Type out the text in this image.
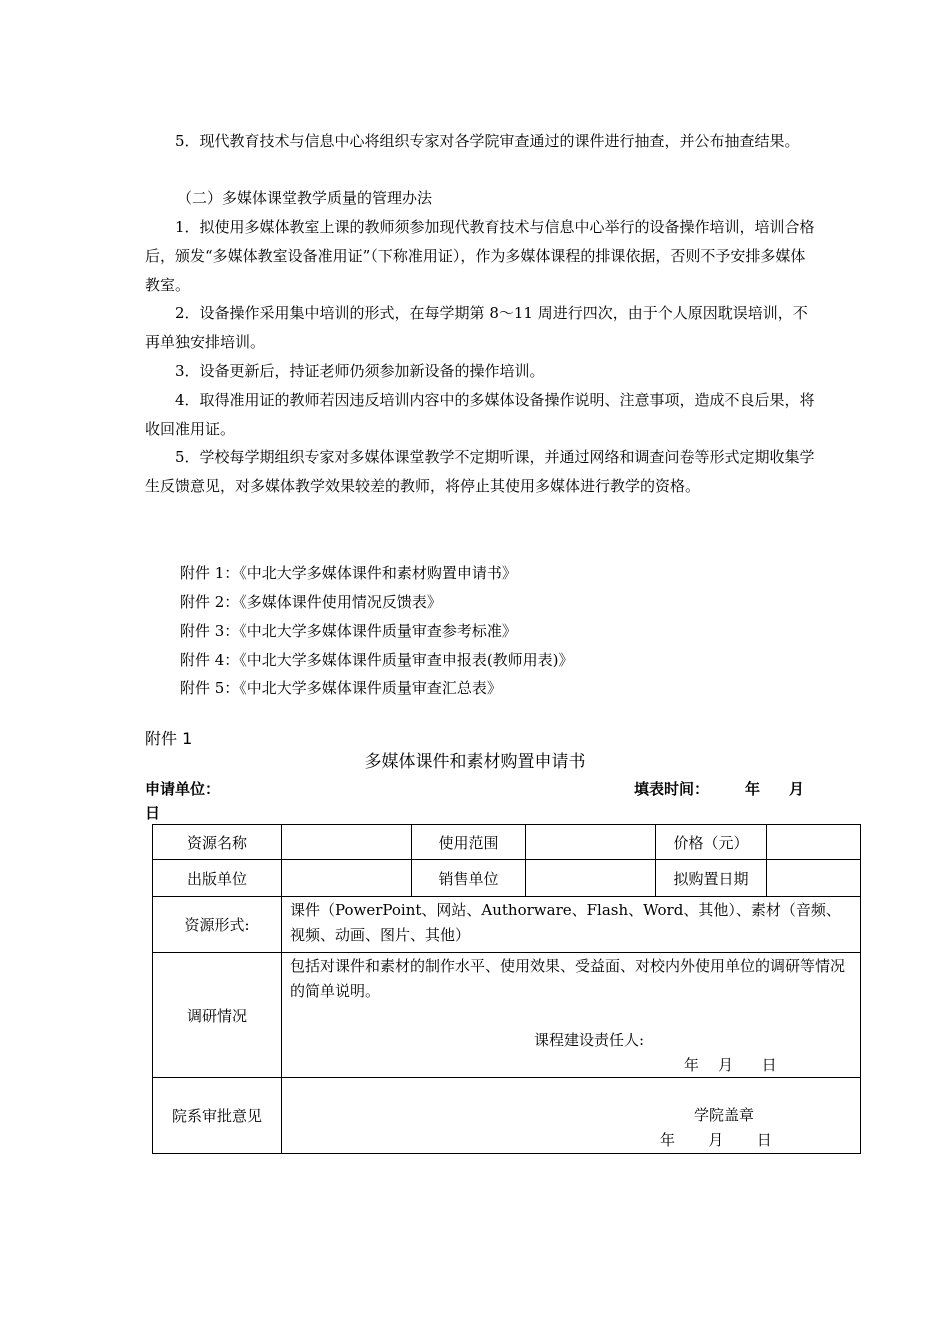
5．现代教育技术与信息中心将组织专家对各学院审查通过的课件进行抽查，并公布抽查结果。

（二）多媒体课堂教学质量的管理办法

1．拟使用多媒体教室上课的教师须参加现代教育技术与信息中心举行的设备操作培训，培训合格后，颁发“多媒体教室设备准用证”（下称准用证），作为多媒体课程的排课依据，否则不予安排多媒体教室。

2．设备操作采用集中培训的形式，在每学期第 8～11 周进行四次，由于个人原因耽误培训，不再单独安排培训。

3．设备更新后，持证老师仍须参加新设备的操作培训。

4．取得准用证的教师若因违反培训内容中的多媒体设备操作说明、注意事项，造成不良后果，将收回准用证。

5．学校每学期组织专家对多媒体课堂教学不定期听课，并通过网络和调查问卷等形式定期收集学生反馈意见，对多媒体教学效果较差的教师，将停止其使用多媒体进行教学的资格。

附件 1：《中北大学多媒体课件和素材购置申请书》
附件 2：《多媒体课件使用情况反馈表》
附件 3：《中北大学多媒体课件质量审查参考标准》
附件 4：《中北大学多媒体课件质量审查申报表(教师用表)》
附件 5：《中北大学多媒体课件质量审查汇总表》
附件 1
多媒体课件和素材购置申请书
申请单位：	填表时间： 年 月
日
资源名称		使用范围		价格（元）	
出版单位		销售单位		拟购置日期	
资源形式:	课件（PowerPoint、网站、Authorware、Flash、Word、其他）、素材（音频、视频、动画、图片、其他）				
调研情况	包括对课件和素材的制作水平、使用效果、受益面、对校内外使用单位的调研等情况的简单说明。
课程建设责任人:
年    月      日				

院系审批意见	学院盖章
年       月       日				
